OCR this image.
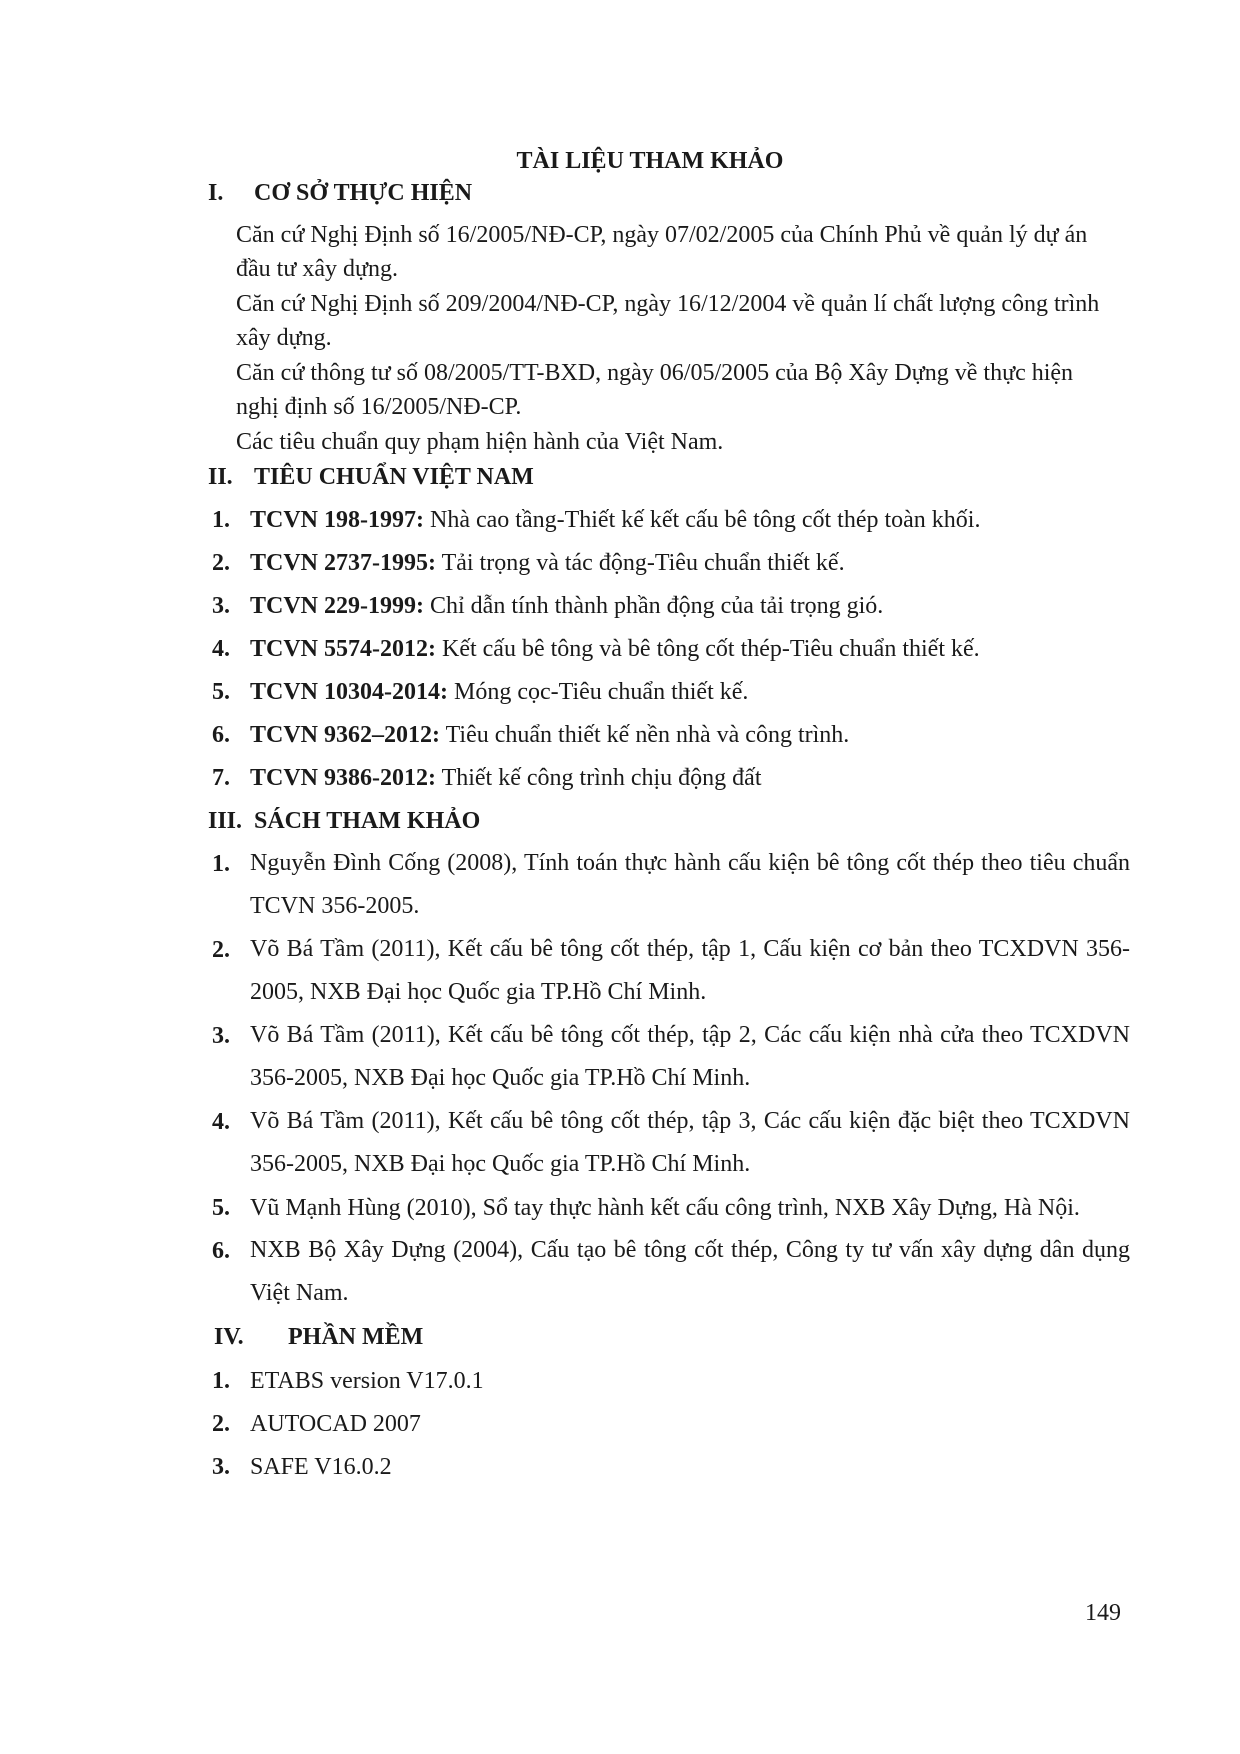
TÀI LIỆU THAM KHẢO
I. CƠ SỞ THỰC HIỆN
Căn cứ Nghị Định số 16/2005/NĐ-CP, ngày 07/02/2005 của Chính Phủ về quản lý dự án đầu tư xây dựng.
Căn cứ Nghị Định số 209/2004/NĐ-CP, ngày 16/12/2004 về quản lí chất lượng công trình xây dựng.
Căn cứ thông tư số 08/2005/TT-BXD, ngày 06/05/2005 của Bộ Xây Dựng về thực hiện nghị định số 16/2005/NĐ-CP.
Các tiêu chuẩn quy phạm hiện hành của Việt Nam.
II. TIÊU CHUẨN VIỆT NAM
1. TCVN 198-1997: Nhà cao tầng-Thiết kế kết cấu bê tông cốt thép toàn khối.
2. TCVN 2737-1995: Tải trọng và tác động-Tiêu chuẩn thiết kế.
3. TCVN 229-1999: Chỉ dẫn tính thành phần động của tải trọng gió.
4. TCVN 5574-2012: Kết cấu bê tông và bê tông cốt thép-Tiêu chuẩn thiết kế.
5. TCVN 10304-2014: Móng cọc-Tiêu chuẩn thiết kế.
6. TCVN 9362–2012: Tiêu chuẩn thiết kế nền nhà và công trình.
7. TCVN 9386-2012: Thiết kế công trình chịu động đất
III. SÁCH THAM KHẢO
1. Nguyễn Đình Cống (2008), Tính toán thực hành cấu kiện bê tông cốt thép theo tiêu chuẩn TCVN 356-2005.
2. Võ Bá Tầm (2011), Kết cấu bê tông cốt thép, tập 1, Cấu kiện cơ bản theo TCXDVN 356-2005, NXB Đại học Quốc gia TP.Hồ Chí Minh.
3. Võ Bá Tầm (2011), Kết cấu bê tông cốt thép, tập 2, Các cấu kiện nhà cửa theo TCXDVN 356-2005, NXB Đại học Quốc gia TP.Hồ Chí Minh.
4. Võ Bá Tầm (2011), Kết cấu bê tông cốt thép, tập 3, Các cấu kiện đặc biệt theo TCXDVN 356-2005, NXB Đại học Quốc gia TP.Hồ Chí Minh.
5. Vũ Mạnh Hùng (2010), Sổ tay thực hành kết cấu công trình, NXB Xây Dựng, Hà Nội.
6. NXB Bộ Xây Dựng (2004), Cấu tạo bê tông cốt thép, Công ty tư vấn xây dựng dân dụng Việt Nam.
IV. PHẦN MỀM
1. ETABS version V17.0.1
2. AUTOCAD 2007
3. SAFE V16.0.2
149
